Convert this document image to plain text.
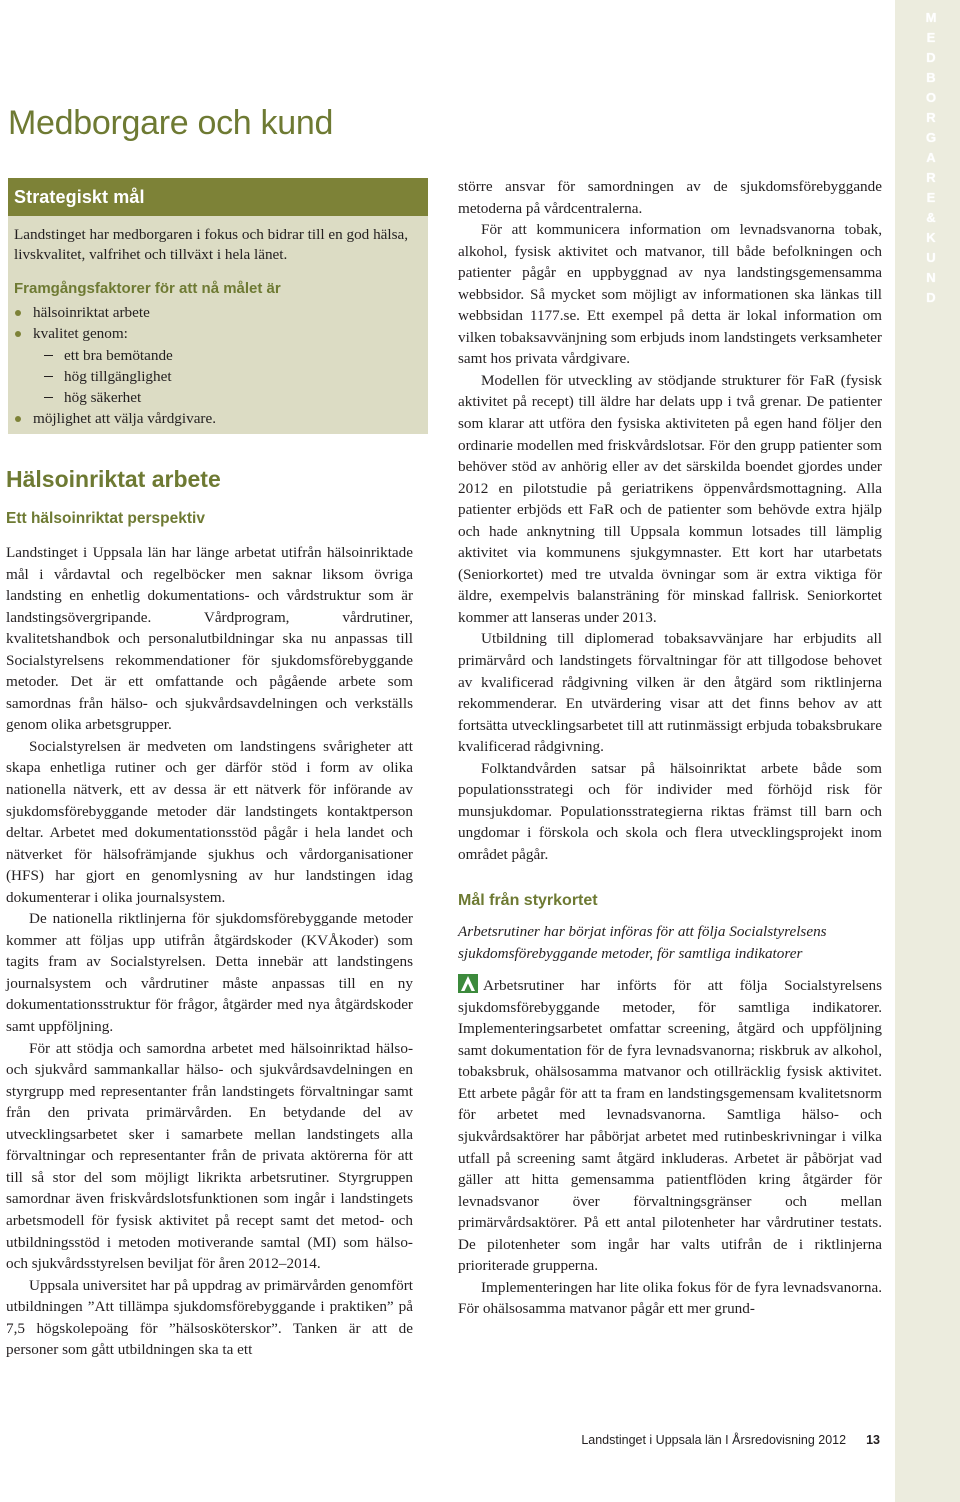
M
E
D
B
O
R
G
A
R
E
&
K
U
N
D
Medborgare och kund
Strategiskt mål
Landstinget har medborgaren i fokus och bidrar till en god hälsa, livskvalitet, valfrihet och tillväxt i hela länet.
Framgångsfaktorer för att nå målet är
hälsoinriktat arbete
kvalitet genom:
ett bra bemötande
hög tillgänglighet
hög säkerhet
möjlighet att välja vårdgivare.
Hälsoinriktat arbete
Ett hälsoinriktat perspektiv

Landstinget i Uppsala län har länge arbetat utifrån hälsoinriktade mål i vårdavtal och regelböcker men saknar liksom övriga landsting en enhetlig dokumentations- och vårdstruktur som är landstingsövergripande. Vårdprogram, vårdrutiner, kvalitetshandbok och personalutbildningar ska nu anpassas till Socialstyrelsens rekommendationer för sjukdomsförebyggande metoder. Det är ett omfattande och pågående arbete som samordnas från hälso- och sjukvårdsavdelningen och verkställs genom olika arbetsgrupper.

Socialstyrelsen är medveten om landstingens svårigheter att skapa enhetliga rutiner och ger därför stöd i form av olika nationella nätverk, ett av dessa är ett nätverk för införande av sjukdomsförebyggande metoder där landstingets kontaktperson deltar. Arbetet med dokumentationsstöd pågår i hela landet och nätverket för hälsofrämjande sjukhus och vårdorganisationer (HFS) har gjort en genomlysning av hur landstingen idag dokumenterar i olika journalsystem.

De nationella riktlinjerna för sjukdomsförebyggande metoder kommer att följas upp utifrån åtgärdskoder (KVÅkoder) som tagits fram av Socialstyrelsen. Detta innebär att landstingens journalsystem och vårdrutiner måste anpassas till en ny dokumentationsstruktur för frågor, åtgärder med nya åtgärdskoder samt uppföljning.

För att stödja och samordna arbetet med hälsoinriktad hälso- och sjukvård sammankallar hälso- och sjukvårdsavdelningen en styrgrupp med representanter från landstingets förvaltningar samt från den privata primärvården. En betydande del av utvecklingsarbetet sker i samarbete mellan landstingets alla förvaltningar och representanter från de privata aktörerna för att till så stor del som möjligt likrikta arbetsrutiner. Styrgruppen samordnar även friskvårdslotsfunktionen som ingår i landstingets arbetsmodell för fysisk aktivitet på recept samt det metod- och utbildningsstöd i metoden motiverande samtal (MI) som hälso- och sjukvårdsstyrelsen beviljat för åren 2012–2014.

Uppsala universitet har på uppdrag av primärvården genomfört utbildningen ”Att tillämpa sjukdomsförebyggande i praktiken” på 7,5 högskolepoäng för ”hälsosköterskor”. Tanken är att de personer som gått utbildningen ska ta ett

större ansvar för samordningen av de sjukdomsförebyggande metoderna på vårdcentralerna.

För att kommunicera information om levnadsvanorna tobak, alkohol, fysisk aktivitet och matvanor, till både befolkningen och patienter pågår en uppbyggnad av nya landstingsgemensamma webbsidor. Så mycket som möjligt av informationen ska länkas till webbsidan 1177.se. Ett exempel på detta är lokal information om vilken tobaksavvänjning som erbjuds inom landstingets verksamheter samt hos privata vårdgivare.

Modellen för utveckling av stödjande strukturer för FaR (fysisk aktivitet på recept) till äldre har delats upp i två grenar. De patienter som klarar att utföra den fysiska aktiviteten på egen hand följer den ordinarie modellen med friskvårdslotsar. För den grupp patienter som behöver stöd av anhörig eller av det särskilda boendet gjordes under 2012 en pilotstudie på geriatrikens öppenvårdsmottagning. Alla patienter erbjöds ett FaR och de patienter som behövde extra hjälp och hade anknytning till Uppsala kommun lotsades till lämplig aktivitet via kommunens sjukgymnaster. Ett kort har utarbetats (Seniorkortet) med tre utvalda övningar som är extra viktiga för äldre, exempelvis balansträning för minskad fallrisk. Seniorkortet kommer att lanseras under 2013.

Utbildning till diplomerad tobaksavvänjare har erbjudits all primärvård och landstingets förvaltningar för att tillgodose behovet av kvalificerad rådgivning vilken är den åtgärd som riktlinjerna rekommenderar. En utvärdering visar att det finns behov av att fortsätta utvecklingsarbetet till att rutinmässigt erbjuda tobaksbrukare kvalificerad rådgivning.

Folktandvården satsar på hälsoinriktat arbete både som populationsstrategi och för individer med förhöjd risk för munsjukdomar. Populationsstrategierna riktas främst till barn och ungdomar i förskola och skola och flera utvecklingsprojekt inom området pågår.

Mål från styrkortet

Arbetsrutiner har börjat införas för att följa Socialstyrelsens sjukdomsförebyggande metoder, för samtliga indikatorer

Arbetsrutiner har införts för att följa Socialstyrelsens sjukdomsförebyggande metoder, för samtliga indikatorer. Implementeringsarbetet omfattar screening, åtgärd och uppföljning samt dokumentation för de fyra levnadsvanorna; riskbruk av alkohol, tobaksbruk, ohälsosamma matvanor och otillräcklig fysisk aktivitet. Ett arbete pågår för att ta fram en landstingsgemensam kvalitetsnorm för arbetet med levnadsvanorna. Samtliga hälso- och sjukvårdsaktörer har påbörjat arbetet med rutinbeskrivningar i vilka utfall på screening samt åtgärd inkluderas. Arbetet är påbörjat vad gäller att hitta gemensamma patientflöden kring åtgärder för levnadsvanor över förvaltningsgränser och mellan primärvårdsaktörer. På ett antal pilotenheter har vårdrutiner testats. De pilotenheter som ingår har valts utifrån de i riktlinjerna prioriterade grupperna.

Implementeringen har lite olika fokus för de fyra levnadsvanorna. För ohälsosamma matvanor pågår ett mer grund-

Landstinget i Uppsala län I Årsredovisning 2012 13
